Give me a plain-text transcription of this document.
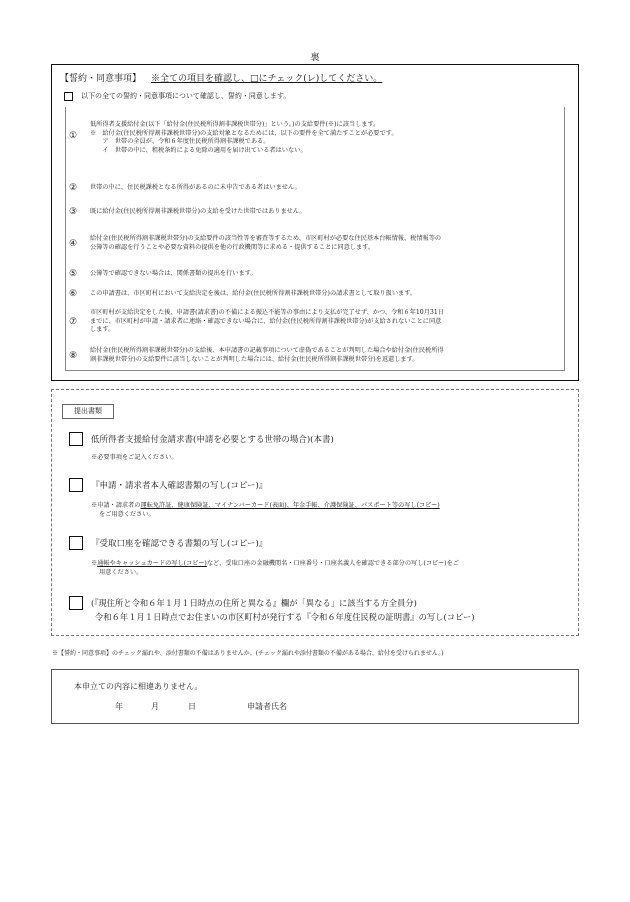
裏
【誓約・同意事項】 ※全ての項目を確認し、□にチェック(レ)してください。
以下の全ての誓約・同意事項について確認し、誓約・同意します。
①

低所得者支援給付金(以下「給付金(住民税所得割非課税世帯分)」という。)の支給要件(※)に該当します。

※　給付金(住民税所得割非課税世帯分)の支給対象となるためには、以下の要件を全て満たすことが必要です。

　　ア　世帯の全員が、令和６年度住民税所得割非課税である。

　　イ　世帯の中に、租税条約による免除の適用を届け出ている者はいない。

② 世帯の中に、住民税課税となる所得があるのに未申告である者はいません。

③ 既に給付金(住民税所得割非課税世帯分)の支給を受けた世帯ではありません。

④

給付金(住民税所得割非課税世帯分)の支給要件の該当性等を審査等するため、市区町村が必要な住民基本台帳情報、税情報等の

公簿等の確認を行うことや必要な資料の提供を他の行政機関等に求める・提供することに同意します。

⑤ 公簿等で確認できない場合は、関係書類の提出を行います。

⑥ この申請書は、市区町村において支給決定を後は、給付金(住民税所得割非課税世帯分)の請求書として取り扱います。

⑦

市区町村が支給決定をした後、申請書(請求書)の不備による振込不能等の事由により支払が完了せず、かつ、令和６年10月31日

までに、市区町村が申請・請求者に連絡・確認できない場合に、給付金(住民税所得割非課税世帯分)が支給されないことに同意

します。

⑧

給付金(住民税所得割非課税世帯分)の支給後、本申請書の記載事項について虚偽であることが判明した場合や給付金(住民税所得

割非課税世帯分)の支給要件に該当しないことが判明した場合には、給付金(住民税所得割非課税世帯分)を返還します。

提出書類
低所得者支援給付金請求書(申請を必要とする世帯の場合)(本書)

※必要事項をご記入ください。

『申請・請求者本人確認書類の写し(コピー)』

※申請・請求者の運転免許証、健康保険証、マイナンバーカード(表面)、年金手帳、介護保険証、パスポート等の写し(コピー)

をご用意ください。

『受取口座を確認できる書類の写し(コピー)』

※通帳やキャッシュカードの写し(コピー)など、受取口座の金融機関名・口座番号・口座名義人を確認できる部分の写し(コピー)をご

用意ください。

(『現住所と令和６年１月１日時点の住所と異なる』欄が「異なる」に該当する方全員分)
令和６年１月１日時点でお住まいの市区町村が発行する『令和６年度住民税の証明書』の写し(コピー)
※【誓約・同意事項】のチェック漏れや、添付書類の不備はありませんか。(チェック漏れや添付書類の不備がある場合、給付を受けられません。)
本申立ての内容に相違ありません。
年	月	日	申請者氏名
